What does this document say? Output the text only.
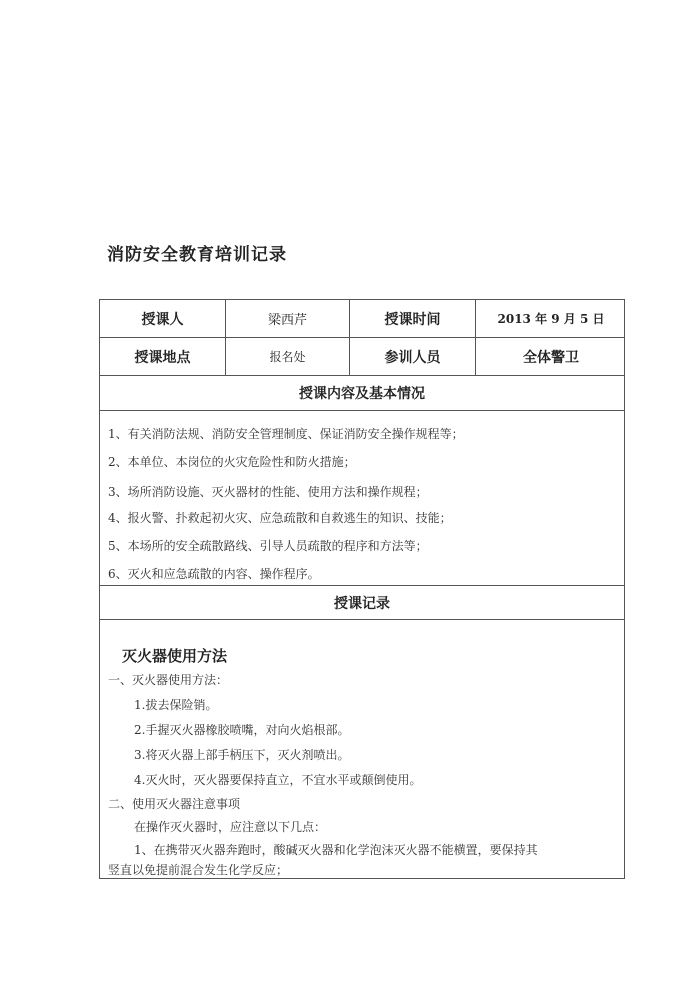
消防安全教育培训记录
授课人	梁西芹	授课时间	2013 年 9 月 5 日
授课地点	报名处	参训人员	全体警卫
授课内容及基本情况
1、有关消防法规、消防安全管理制度、保证消防安全操作规程等；
2、本单位、本岗位的火灾危险性和防火措施；
3、场所消防设施、灭火器材的性能、使用方法和操作规程；
4、报火警、扑救起初火灾、应急疏散和自救逃生的知识、技能；
5、本场所的安全疏散路线、引导人员疏散的程序和方法等；
6、灭火和应急疏散的内容、操作程序。
授课记录
灭火器使用方法
一、灭火器使用方法：
1.拔去保险销。
2.手握灭火器橡胶喷嘴，对向火焰根部。
3.将灭火器上部手柄压下，灭火剂喷出。
4.灭火时，灭火器要保持直立，不宜水平或颠倒使用。
二、使用灭火器注意事项
在操作灭火器时，应注意以下几点：
1、在携带灭火器奔跑时，酸碱灭火器和化学泡沫灭火器不能横置，要保持其
竖直以免提前混合发生化学反应；
